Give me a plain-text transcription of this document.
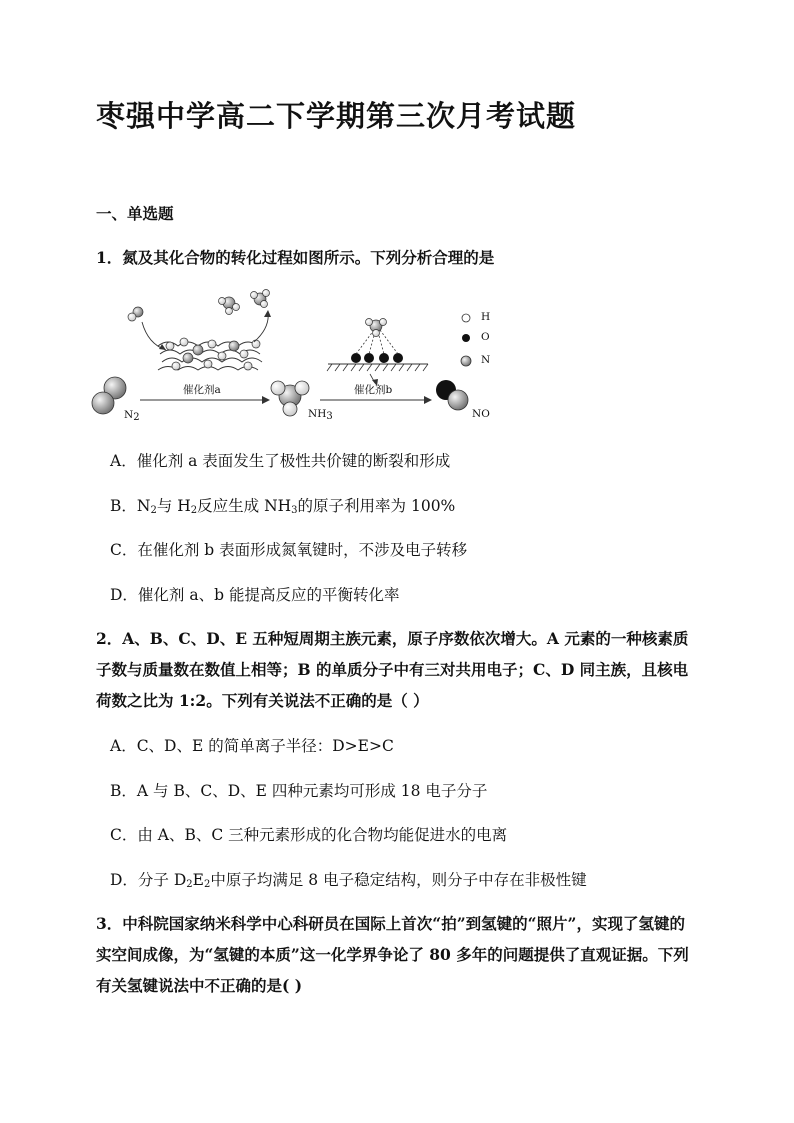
枣强中学高二下学期第三次月考试题
一、单选题
1．氮及其化合物的转化过程如图所示。下列分析合理的是
催化剂a	催化剂b
$N_2$	$NH_3$	NO
H
O
N
A．催化剂 a 表面发生了极性共价键的断裂和形成
B．$N_2$与 $H_2$反应生成 $NH_3$的原子利用率为 100%
C．在催化剂 b 表面形成氮氧键时，不涉及电子转移
D．催化剂 a、b 能提高反应的平衡转化率
2．A、B、C、D、E 五种短周期主族元素，原子序数依次增大。A 元素的一种核素质
子数与质量数在数值上相等；B 的单质分子中有三对共用电子；C、D 同主族，且核电
荷数之比为 1:2。下列有关说法不正确的是（ ）
A．C、D、E 的简单离子半径：D>E>C
B．A 与 B、C、D、E 四种元素均可形成 18 电子分子
C．由 A、B、C 三种元素形成的化合物均能促进水的电离
D．分子 $D_2E_2$中原子均满足 8 电子稳定结构，则分子中存在非极性键
3．中科院国家纳米科学中心科研员在国际上首次“拍”到氢键的“照片”，实现了氢键的
实空间成像，为“氢键的本质”这一化学界争论了 80 多年的问题提供了直观证据。下列
有关氢键说法中不正确的是( )
